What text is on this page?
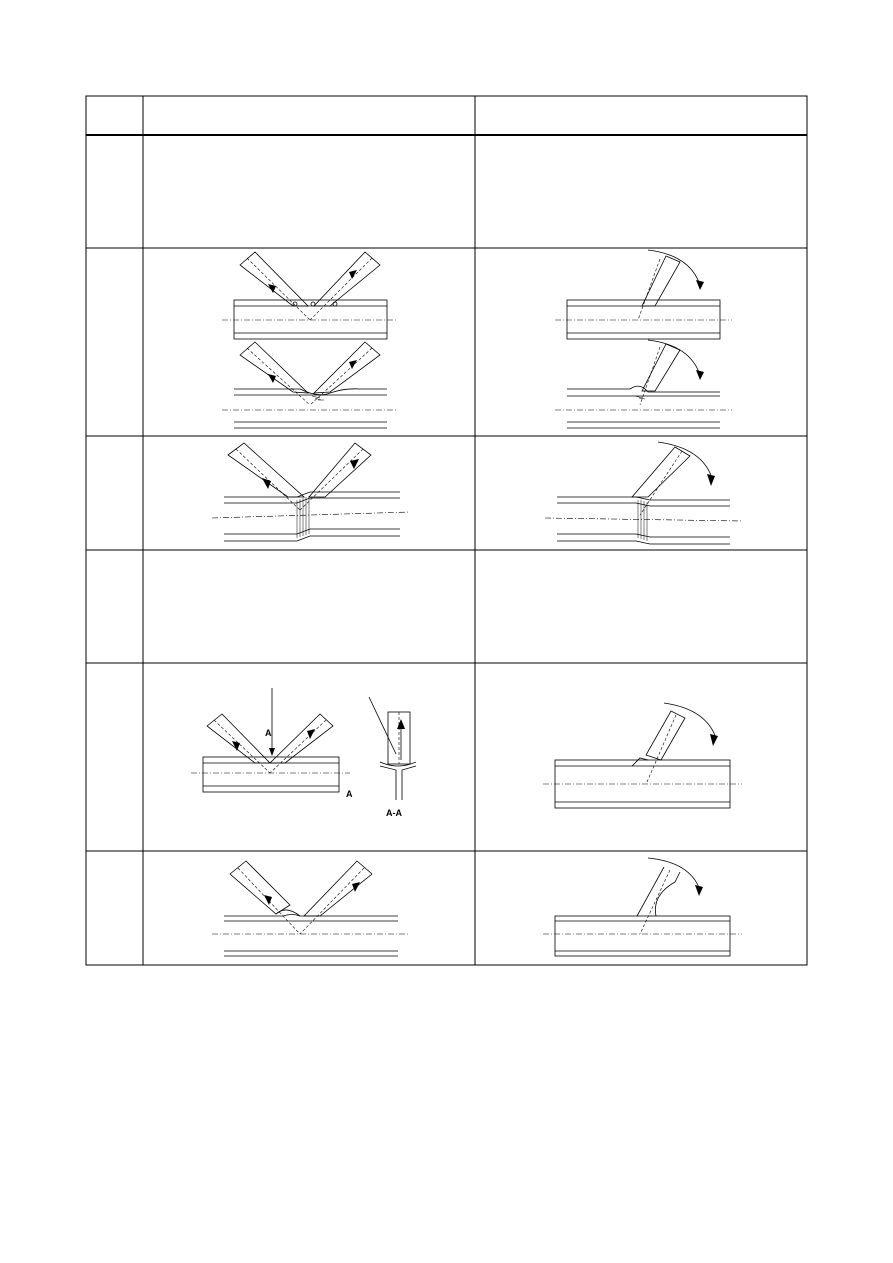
A
A
A-A
